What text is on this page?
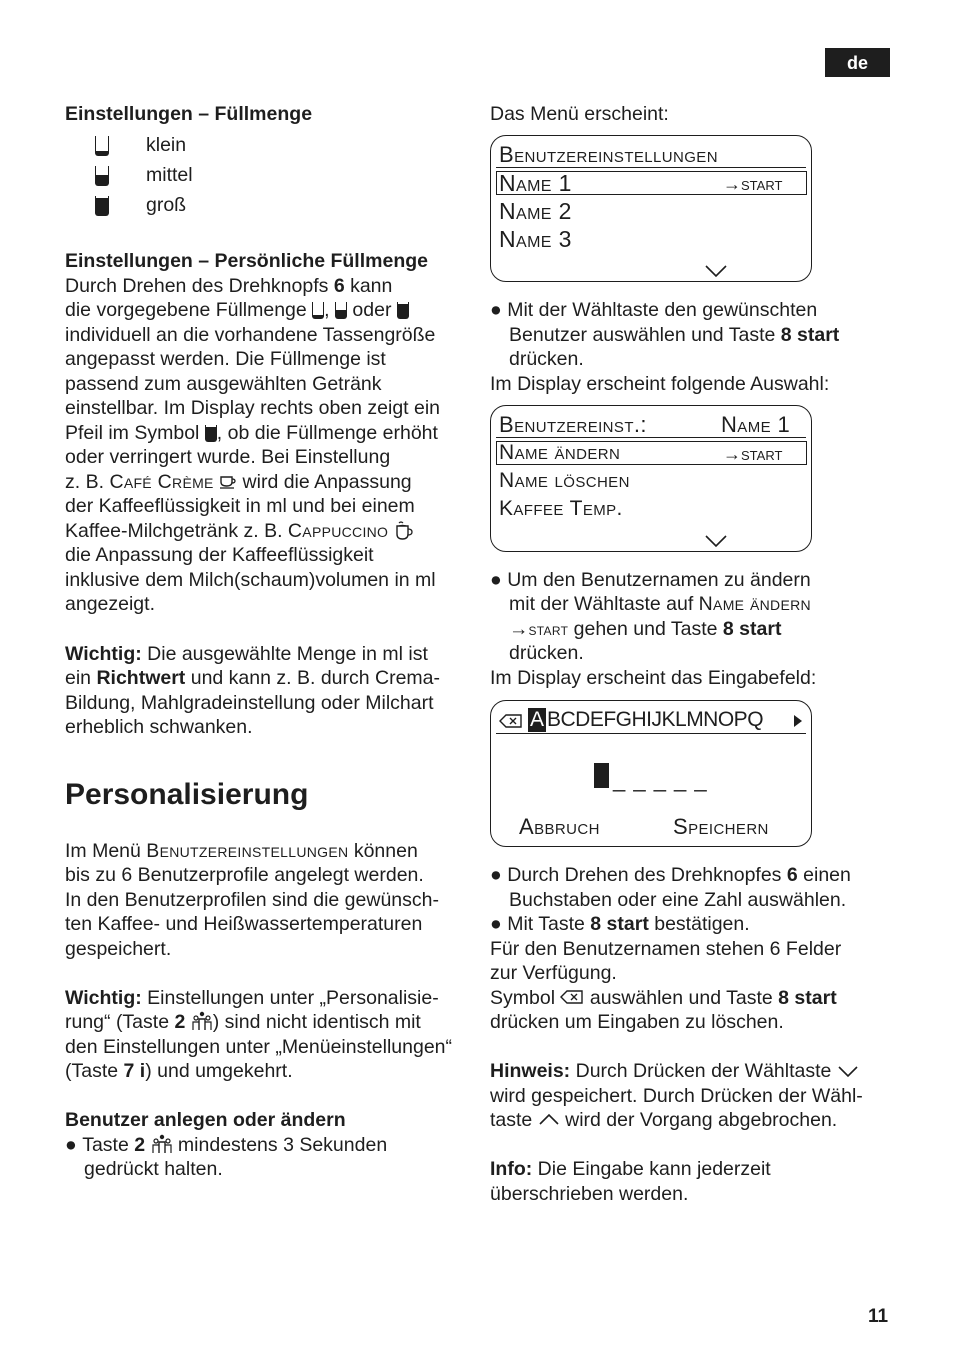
de
Einstellungen – Füllmenge
klein
mittel
groß
Einstellungen – Persönliche Füllmenge
Durch Drehen des Drehknopfs 6 kann
die vorgegebene Füllmenge
,
oder
individuell an die vorhandene Tassengröße
angepasst werden. Die Füllmenge ist
passend zum ausgewählten Getränk
einstellbar. Im Display rechts oben zeigt ein
Pfeil im Symbol
, ob die Füllmenge erhöht
oder verringert wurde. Bei Einstellung
z. B. Café Crème  wird die Anpassung
der Kaffeeflüssigkeit in ml und bei einem
Kaffee-Milchgetränk z. B. Cappuccino
die Anpassung der Kaffeeflüssigkeit
inklusive dem Milch(schaum)volumen in ml
angezeigt.
Wichtig: Die ausgewählte Menge in ml ist
ein Richtwert und kann z. B. durch Crema-
Bildung, Mahlgradeinstellung oder Milchart
erheblich schwanken.
Personalisierung
Im Menü Benutzereinstellungen können
bis zu 6 Benutzerprofile angelegt werden.
In den Benutzerprofilen sind die gewünsch-
ten Kaffee- und Heißwassertemperaturen
gespeichert.
Wichtig: Einstellungen unter „Personalisie-
rung“ (Taste 2 ) sind nicht identisch mit
den Einstellungen unter „Menüeinstellungen“
(Taste 7 i) und umgekehrt.
Benutzer anlegen oder ändern
● Taste 2  mindestens 3 Sekunden
gedrückt halten.
Das Menü erscheint:
Benutzereinstellungen
Name 1	→start
Name 2
Name 3
● Mit der Wähltaste den gewünschten
Benutzer auswählen und Taste 8 start
drücken.
Im Display erscheint folgende Auswahl:
Benutzereinst.:	Name 1
Name ändern	→start
Name löschen
Kaffee Temp.
● Um den Benutzernamen zu ändern
mit der Wähltaste auf Name ändern
→start gehen und Taste 8 start
drücken.
Im Display erscheint das Eingabefeld:
A BCDEFGHIJKLMNOPQ
_ _ _ _ _
Abbruch	Speichern
● Durch Drehen des Drehknopfes 6 einen
Buchstaben oder eine Zahl auswählen.
● Mit Taste 8 start bestätigen.
Für den Benutzernamen stehen 6 Felder
zur Verfügung.
Symbol  auswählen und Taste 8 start
drücken um Eingaben zu löschen.
Hinweis: Durch Drücken der Wähltaste
wird gespeichert. Durch Drücken der Wähl-
taste  wird der Vorgang abgebrochen.
Info: Die Eingabe kann jederzeit
überschrieben werden.
11
